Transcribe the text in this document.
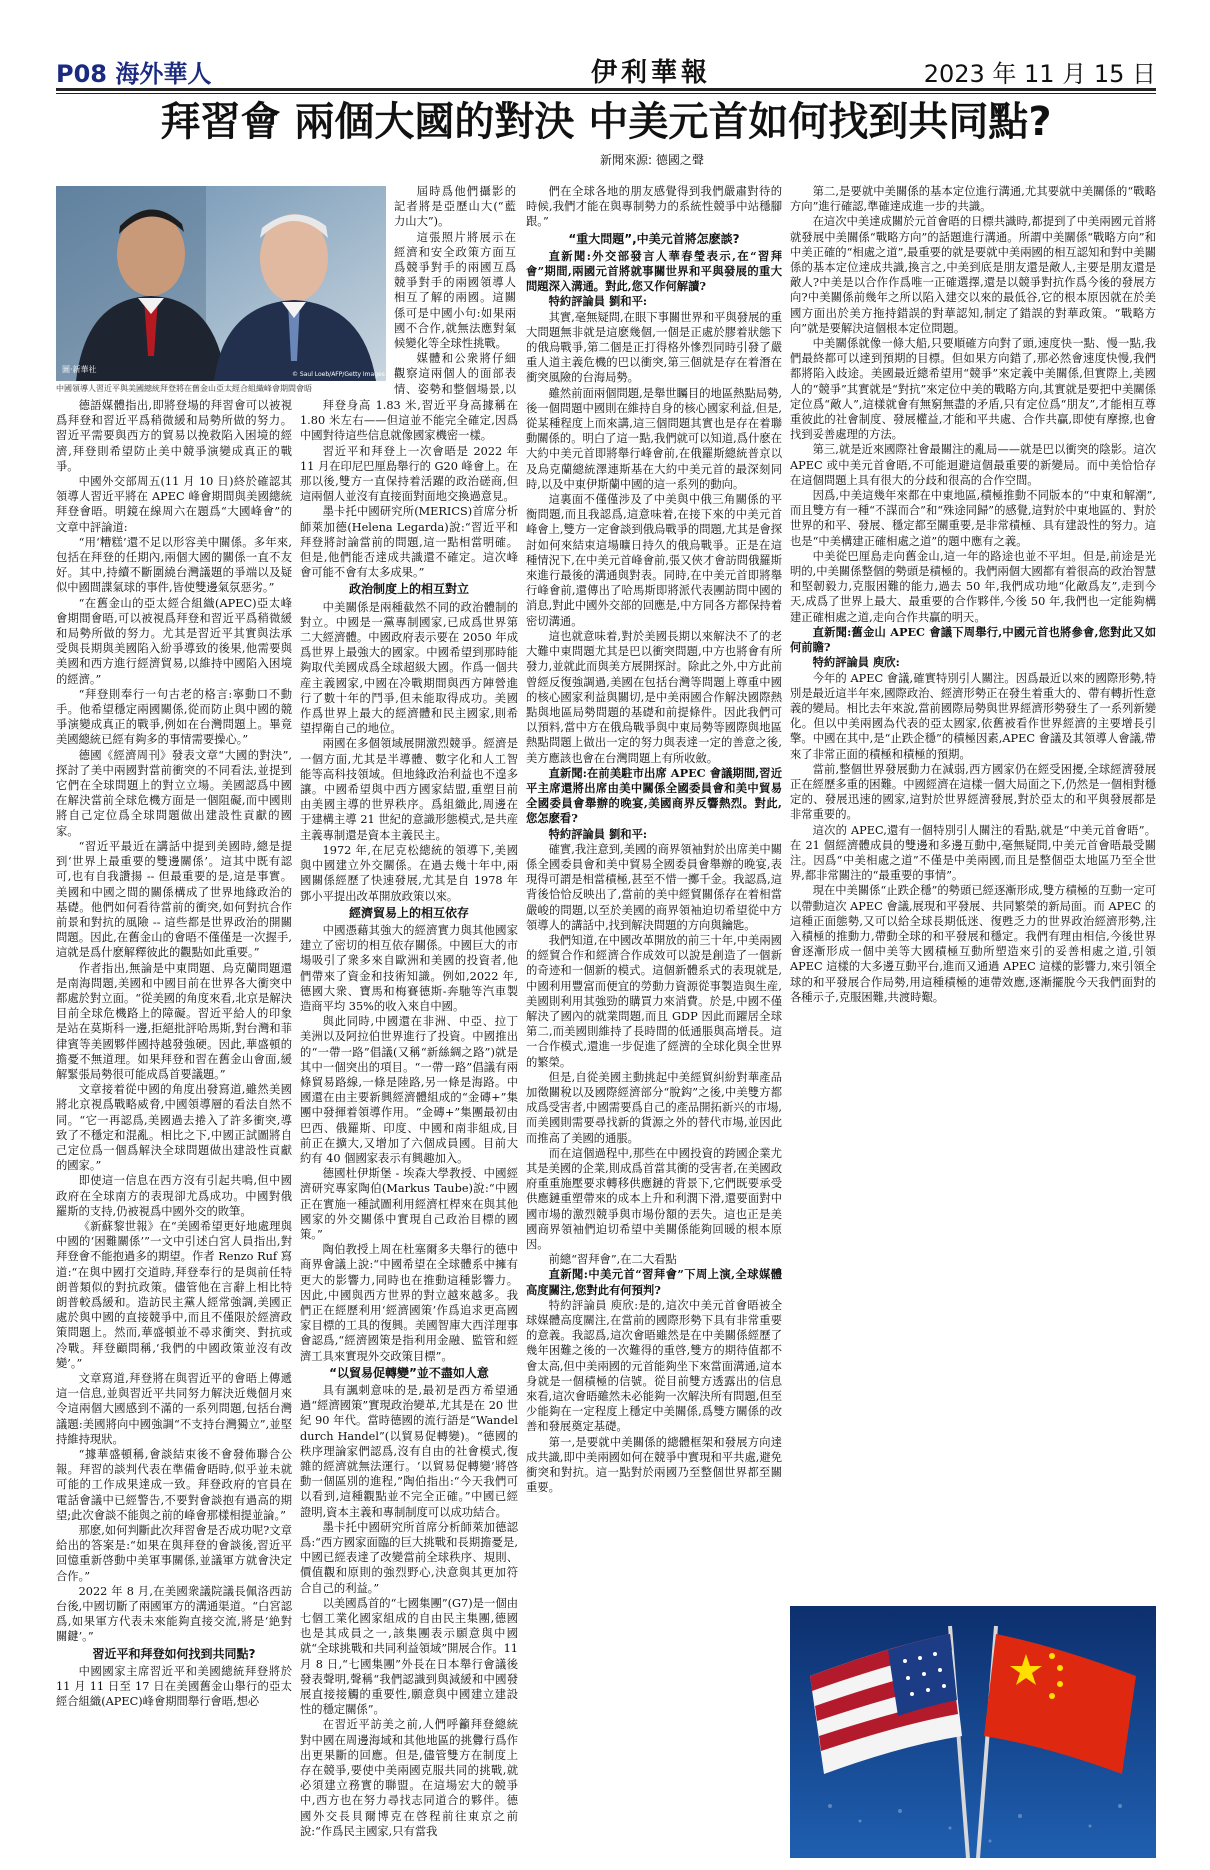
P08 海外華人	伊利華報	2023 年 11 月 15 日
拜習會 兩個大國的對決 中美元首如何找到共同點?
新聞來源: 德國之聲
圖·新華社
© Saul Loeb/AFP/Getty Images
中國領導人習近平與美國總統拜登將在舊金山亞太經合組織峰會期間會晤

屆時爲他們攝影的記者將是亞歷山大(“藍力山大”)。

這張照片將展示在經濟和安全政策方面互爲競爭對手的兩國互爲競爭對手的兩國領導人相互了解的兩國。這關係可是中國小句:如果兩國不合作,就無法應對氣候變化等全球性挑戰。

媒體和公衆將仔細觀察這兩個人的面部表情、姿勢和整個場景,以

德語媒體指出,即將登場的拜習會可以被視爲拜登和習近平爲稍微緩和局勢所做的努力。習近平需要與西方的貿易以挽救陷入困境的經濟,拜登則希望防止美中競爭演變成真正的戰爭。

中國外交部周五(11 月 10 日)終於確認其領導人習近平將在 APEC 峰會期間與美國總統拜登會晤。明鏡在線周六在題爲“大國峰會”的文章中評論道:

“用‘糟糕’還不足以形容美中關係。多年來,包括在拜登的任期內,兩個大國的關係一直不友好。其中,持續不斷圍繞台灣議題的爭端以及疑似中國間諜氣球的事件,皆使雙邊氣氛惡劣。”

“在舊金山的亞太經合組織(APEC)亞太峰會期間會晤,可以被視爲拜登和習近平爲稍微緩和局勢所做的努力。尤其是習近平其實與法承受與長期與美國陷入紛爭導致的後果,他需要與美國和西方進行經濟貿易,以維持中國陷入困境的經濟。”

“拜登則奉行一句古老的格言:寧動口不動手。他希望穩定兩國關係,從而防止與中國的競爭演變成真正的戰爭,例如在台灣問題上。畢竟美國總統已經有夠多的事情需要操心。”

德國《經濟周刊》發表文章“大國的對決”,探討了美中兩國對當前衝突的不同看法,並提到它們在全球問題上的對立立場。美國認爲中國在解決當前全球危機方面是一個阻礙,而中國則將自己定位爲全球問題做出建設性貢獻的國家。

“習近平最近在講話中提到美國時,總是提到‘世界上最重要的雙邊關係’。這其中既有認可,也有自我讚揚 -- 但最重要的是,這是事實。美國和中國之間的關係構成了世界地緣政治的基礎。他們如何看待當前的衝突,如何對抗合作前景和對抗的風險 -- 這些都是世界政治的開關問題。因此,在舊金山的會晤不僅僅是一次握手,這就是爲什麽解釋彼此的觀點如此重要。”

作者指出,無論是中東問題、烏克蘭問題還是南海問題,美國和中國目前在世界各大衝突中都處於對立面。“從美國的角度來看,北京是解決目前全球危機路上的障礙。習近平給人的印象是站在莫斯科一邊,拒絕批評哈馬斯,對台灣和菲律賓等美國夥伴國持越發強硬。因此,華盛頓的擔憂不無道理。如果拜登和習在舊金山會面,緩解緊張局勢很可能成爲首要議題。”

文章接着從中國的角度出發寫道,雖然美國將北京視爲戰略威脅,中國領導層的看法自然不同。“它一再認爲,美國過去捲入了許多衝突,導致了不穩定和混亂。相比之下,中國正試圖將自己定位爲一個爲解決全球問題做出建設性貢獻的國家。”

即使這一信息在西方沒有引起共鳴,但中國政府在全球南方的表現卻尤爲成功。中國對俄羅斯的支持,仍被視爲中國外交的敗筆。

《新蘇黎世報》在“美國希望更好地處理與中國的‘困難關係’”一文中引述白宮人員指出,對拜登會不能抱過多的期望。作者 Renzo Ruf 寫道:“在與中國打交道時,拜登奉行的是與前任特朗普類似的對抗政策。儘管他在言辭上相比特朗普較爲緩和。造訪民主黨人經常強調,美國正處於與中國的直接競爭中,而且不僅限於經濟政策問題上。然而,華盛頓並不尋求衝突、對抗或冷戰。拜登顧問稱,‘我們的中國政策並沒有改變’。”

文章寫道,拜登將在與習近平的會晤上傳遞這一信息,並與習近平共同努力解決近幾個月來令這兩個大國感到不滿的一系列問題,包括台灣議題:美國將向中國強調“不支持台灣獨立”,並堅持維持現狀。

“據華盛頓稱,會談結束後不會發佈聯合公報。拜習的談判代表在準備會晤時,似乎並未就可能的工作成果達成一致。拜登政府的官員在電話會議中已經警告,不要對會談抱有過高的期望;此次會談不能與之前的峰會那樣相提並論。”

那麽,如何判斷此次拜習會是否成功呢?文章給出的答案是:“如果在與拜登的會談後,習近平回憶重新啓動中美軍事關係,並議軍方就會決定合作。”

2022 年 8 月,在美國衆議院議長佩洛西訪台後,中國切斷了兩國軍方的溝通渠道。“白宮認爲,如果軍方代表未來能夠直接交流,將是‘絶對關鍵’。”

習近平和拜登如何找到共同點?

中國國家主席習近平和美國總統拜登將於 11 月 11 日至 17 日在美國舊金山舉行的亞太經合組織(APEC)峰會期間舉行會晤,想必

拜登身高 1.83 米,習近平身高據稱在 1.80 米左右——但這並不能完全確定,因爲中國對待這些信息就像國家機密一樣。

習近平和拜登上一次會晤是 2022 年 11 月在印尼巴厘島舉行的 G20 峰會上。在那以後,雙方一直保持着活躍的政治磋商,但這兩個人並沒有直接面對面地交換過意見。

墨卡托中國研究所(MERICS)首席分析師萊加德(Helena Legarda)說:“習近平和拜登將討論當前的問題,這一點相當明確。但是,他們能否達成共識還不確定。這次峰會可能不會有太多成果。”

政治制度上的相互對立

中美關係是兩種截然不同的政治體制的對立。中國是一黨專制國家,已成爲世界第二大經濟體。中國政府表示要在 2050 年成爲世界上最強大的國家。中國希望到那時能夠取代美國成爲全球超級大國。作爲一個共産主義國家,中國在冷戰期間與西方陣營進行了數十年的鬥爭,但未能取得成功。美國作爲世界上最大的經濟體和民主國家,則希望捍衛自己的地位。

兩國在多個領域展開激烈競爭。經濟是一個方面,尤其是半導體、數字化和人工智能等高科技領域。但地緣政治利益也不遑多讓。中國希望與中西方國家結盟,重塑目前由美國主導的世界秩序。爲組織此,周邊在于建構主導 21 世紀的意識形態模式,是共産主義專制還是資本主義民主。

1972 年,在尼克松總統的領導下,美國與中國建立外交關係。在過去幾十年中,兩國關係經歷了快速發展,尤其是自 1978 年鄧小平提出改革開放政策以來。

經濟貿易上的相互依存

中國憑藉其強大的經濟實力與其他國家建立了密切的相互依存關係。中國巨大的市場吸引了衆多來自歐洲和美國的投資者,他們帶來了資金和技術知識。例如,2022 年,德國大衆、寶馬和梅賽德斯-奔馳等汽車製造商平均 35%的收入來自中國。

與此同時,中國還在非洲、中亞、拉丁美洲以及阿拉伯世界進行了投資。中國推出的“一帶一路”倡議(又稱“新絲綢之路”)就是其中一個突出的項目。“一帶一路”倡議有兩條貿易路線,一條是陸路,另一條是海路。中國還在由主要新興經濟體組成的“金磚+”集團中發揮着領導作用。“金磚+”集團最初由巴西、俄羅斯、印度、中國和南非組成,目前正在擴大,又增加了六個成員國。目前大約有 40 個國家表示有興趣加入。

德國杜伊斯堡 - 埃森大學教授、中國經濟研究專家陶伯(Markus Taube)說:“中國正在實施一種試圖利用經濟杠桿來在與其他國家的外交關係中實現自己政治目標的國策。”

陶伯教授上周在杜塞爾多夫舉行的德中商界會議上說:“中國希望在全球體系中擁有更大的影響力,同時也在推動這種影響力。因此,中國與西方世界的對立越來越多。我們正在經歷利用‘經濟國策’作爲追求更高國家目標的工具的復興。美國智庫大西洋理事會認爲,“經濟國策是指利用金融、監管和經濟工具來實現外交政策目標”。

“以貿易促轉變”並不盡如人意

具有諷刺意味的是,最初是西方希望通過“經濟國策”實現政治變革,尤其是在 20 世紀 90 年代。當時德國的流行語是“Wandel durch Handel”(以貿易促轉變)。“德國的秩序理論家們認爲,沒有自由的社會模式,復雜的經濟就無法運行。‘以貿易促轉變’將啓動一個區別的進程,”陶伯指出:“今天我們可以看到,這種觀點並不完全正確。”中國已經證明,資本主義和專制制度可以成功結合。

墨卡托中國研究所首席分析師萊加德認爲:“西方國家面臨的巨大挑戰和長期擔憂是,中國已經表達了改變當前全球秩序、規則、價值觀和原則的強烈野心,決意與其更加符合自己的利益。”

以美國爲首的“七國集團”(G7)是一個由七個工業化國家組成的自由民主集團,德國也是其成員之一,該集團表示願意與中國就“全球挑戰和共同利益領域”開展合作。11 月 8 日,“七國集團”外長在日本舉行會議後發表聲明,聲稱“我們認識到與減緩和中國發展直接接觸的重要性,願意與中國建立建設性的穩定關係”。

在習近平訪美之前,人們呼籲拜登總統對中國在周邊海域和其他地區的挑釁行爲作出更果斷的回應。但是,儘管雙方在制度上存在競爭,要使中美兩國克服共同的挑戰,就必須建立務實的聯盟。在這場宏大的競爭中,西方也在努力尋找志同道合的夥伴。德國外交長貝爾博克在啓程前往東京之前說:“作爲民主國家,只有當我

們在全球各地的朋友感覺得到我們嚴肅對待的時候,我們才能在與專制勢力的系統性競爭中站穩腳跟。”

“重大問題”,中美元首將怎麽談?

直新聞:外交部發言人華春瑩表示,在“習拜會”期間,兩國元首將就事關世界和平與發展的重大問題深入溝通。對此,您又作何解讀?

特約評論員 劉和平:

其實,毫無疑問,在眼下事關世界和平與發展的重大問題無非就是這麽幾個,一個是正處於膠着狀態下的俄烏戰爭,第二個是正打得格外慘烈同時引發了嚴重人道主義危機的巴以衝突,第三個就是存在着潛在衝突風險的台海局勢。

雖然前面兩個問題,是舉世矚目的地區熱點局勢,後一個問題中國則在維持自身的核心國家利益,但是,從某種程度上而來講,這三個問題其實也是存在着聯動關係的。明白了這一點,我們就可以知道,爲什麽在大約中美元首即將舉行峰會前,在俄羅斯總統普京以及烏克蘭總統澤連斯基在大約中美元首的最深刻同時,以及中東伊斯蘭中國的這一系列的動向。

這裏面不僅僅涉及了中美與中俄三角關係的平衡問題,而且我認爲,這意味着,在接下來的中美元首峰會上,雙方一定會談到俄烏戰爭的問題,尤其是會探討如何來結束這場曠日持久的俄烏戰爭。正是在這種情況下,在中美元首峰會前,張又俠才會訪問俄羅斯來進行最後的溝通與對表。同時,在中美元首即將舉行峰會前,還傳出了哈馬斯即將派代表團訪問中國的消息,對此中國外交部的回應是,中方同各方都保持着密切溝通。

這也就意味着,對於美國長期以來解決不了的老大難中東問題尤其是巴以衝突問題,中方也將會有所發力,並就此而與美方展開探討。除此之外,中方此前曾經反復強調過,美國在包括台灣等問題上尊重中國的核心國家利益與關切,是中美兩國合作解決國際熱點與地區局勢問題的基礎和前提條件。因此我們可以預料,當中方在俄烏戰爭與中東局勢等國際與地區熱點問題上做出一定的努力與表達一定的善意之後,美方應該也會在台灣問題上有所收斂。

直新聞:在前美駐市出席 APEC 會議期間,習近平主席還將出席由美中關係全國委員會和美中貿易全國委員會舉辦的晚宴,美國商界反響熱烈。對此,您怎麽看?

特約評論員 劉和平:

確實,我注意到,美國的商界領袖對於出席美中關係全國委員會和美中貿易全國委員會舉辦的晚宴,表現得可謂是相當積極,甚至不惜一擲千金。我認爲,這背後恰恰反映出了,當前的美中經貿關係存在着相當嚴峻的問題,以至於美國的商界領袖迫切希望從中方領導人的講話中,找到解決問題的方向與鑰匙。

我們知道,在中國改革開放的前三十年,中美兩國的經貿合作和經濟合作成效可以說是創造了一個新的奇迹和一個新的模式。這個新體系式的表現就是,中國利用豐富而便宜的勞動力資源從事製造與生産,美國則利用其強勁的購買力來消費。於是,中國不僅解決了國內的就業問題,而且 GDP 因此而躍居全球第二,而美國則維持了長時間的低通脹與高增長。這一合作模式,還進一步促進了經濟的全球化與全世界的繁榮。

但是,自從美國主動挑起中美經貿糾紛對華產品加徵關稅以及國際經濟部分“脫鈎”之後,中美雙方都成爲受害者,中國需要爲自己的產品開拓新兴的市場,而美國則需要尋找新的貨源之外的替代市場,並因此而推高了美國的通脹。

而在這個過程中,那些在中國投資的跨國企業尤其是美國的企業,則成爲首當其衝的受害者,在美國政府重重施壓要求轉移供應鏈的背景下,它們既要承受供應鏈重塑帶來的成本上升和利潤下滑,還要面對中國市場的激烈競爭與市場份額的丟失。這也正是美國商界領袖們迫切希望中美關係能夠回暖的根本原因。

前總“習拜會”,在二大看點

直新聞:中美元首“習拜會”下周上演,全球媒體高度關注,您對此有何預判?

特約評論員 庾欣:是的,這次中美元首會晤被全球媒體高度關注,在當前的國際形勢下具有非常重要的意義。我認爲,這次會晤雖然是在中美關係經歷了幾年困難之後的一次難得的重啓,雙方的期待值都不會太高,但中美兩國的元首能夠坐下來當面溝通,這本身就是一個積極的信號。從目前雙方透露出的信息來看,這次會晤雖然未必能夠一次解決所有問題,但至少能夠在一定程度上穩定中美關係,爲雙方關係的改善和發展奠定基礎。

第一,是要就中美關係的總體框架和發展方向達成共識,即中美兩國如何在競爭中實現和平共處,避免衝突和對抗。這一點對於兩國乃至整個世界都至關重要。

第二,是要就中美關係的基本定位進行溝通,尤其要就中美關係的“戰略方向”進行確認,準確達成進一步的共識。

在這次中美達成關於元首會晤的日標共識時,都提到了中美兩國元首將就發展中美關係“戰略方向”的話題進行溝通。所謂中美關係“戰略方向”和中美正確的“相處之道”,最重要的就是要就中美兩國的相互認知和對中美關係的基本定位達成共識,換言之,中美到底是朋友還是敵人,主要是朋友還是敵人?中美是以合作作爲唯一正確選擇,還是以競爭對抗作爲今後的發展方向?中美關係前幾年之所以陷入建交以來的最低谷,它的根本原因就在於美國方面出於美方拖持錯誤的對華認知,制定了錯誤的對華政策。“戰略方向”就是要解決這個根本定位問題。

中美關係就像一條大船,只要順確方向對了頭,速度快一點、慢一點,我們最終都可以達到預期的目標。但如果方向錯了,那必然會速度快慢,我們都將陷入歧途。美國最近總希望用“競爭”來定義中美關係,但實際上,美國人的“競爭”其實就是“對抗”來定位中美的戰略方向,其實就是要把中美關係定位爲“敵人”,這樣就會有無窮無盡的矛盾,只有定位爲“朋友”,才能相互尊重彼此的社會制度、發展權益,才能和平共處、合作共贏,即使有摩擦,也會找到妥善處理的方法。

第三,就是近來國際社會最關注的亂局——就是巴以衝突的陰影。這次 APEC 或中美元首會晤,不可能迴避這個最重要的新變局。而中美恰恰存在這個問題上具有很大的分歧和很高的合作空間。

因爲,中美這幾年來都在中東地區,積極推動不同版本的“中東和解潮”,而且雙方有一種“不謀而合”和“殊途同歸”的感覺,這對於中東地區的、對於世界的和平、發展、穩定都至關重要,是非常積極、具有建設性的努力。這也是“中美構建正確相處之道”的題中應有之義。

中美從巴厘島走向舊金山,這一年的路途也並不平坦。但是,前途是光明的,中美關係整個的勢頭是積極的。我們兩個大國都有着很高的政治智慧和堅韌毅力,克服困難的能力,過去 50 年,我們成功地“化敵爲友”,走到今天,成爲了世界上最大、最重要的合作夥伴,今後 50 年,我們也一定能夠構建正確相處之道,走向合作共贏的明天。

直新聞:舊金山 APEC 會議下周舉行,中國元首也將參會,您對此又如何前瞻?

特約評論員 庾欣:

今年的 APEC 會議,確實特別引人關注。因爲最近以來的國際形勢,特別是最近這半年來,國際政治、經濟形勢正在發生着重大的、帶有轉折性意義的變局。相比去年來說,當前國際局勢與世界經濟形勢發生了一系列新變化。但以中美兩國為代表的亞太國家,依舊被看作世界經濟的主要增長引擎。中國在其中,是“止跌企穩”的積極因素,APEC 會議及其領導人會議,帶來了非常正面的積極和積極的預期。

當前,整個世界發展動力在減弱,西方國家仍在經受困擾,全球經濟發展正在經歷多重的困難。中國經濟在這樣一個大局面之下,仍然是一個相對穩定的、發展迅速的國家,這對於世界經濟發展,對於亞太的和平與發展都是非常重要的。

這次的 APEC,還有一個特別引人關注的看點,就是“中美元首會晤”。在 21 個經濟體成員的雙邊和多邊互動中,毫無疑問,中美元首會晤最受關注。因爲“中美相處之道”不僅是中美兩國,而且是整個亞太地區乃至全世界,都非常關注的“最重要的事情”。

現在中美關係“止跌企穩”的勢頭已經逐漸形成,雙方積極的互動一定可以帶動這次 APEC 會議,展現和平發展、共同繁榮的新局面。而 APEC 的這種正面態勢,又可以給全球長期低迷、復甦乏力的世界政治經濟形勢,注入積極的推動力,帶動全球的和平發展和穩定。我們有理由相信,今後世界會逐漸形成一個中美等大國積極互動所塑造來引的妥善相處之道,引領 APEC 這樣的大多邊互動平台,進而又通過 APEC 這樣的影響力,來引領全球的和平發展合作局勢,用這種積極的連帶效應,逐漸擺脫今天我們面對的各種示子,克服困難,共渡時艱。
